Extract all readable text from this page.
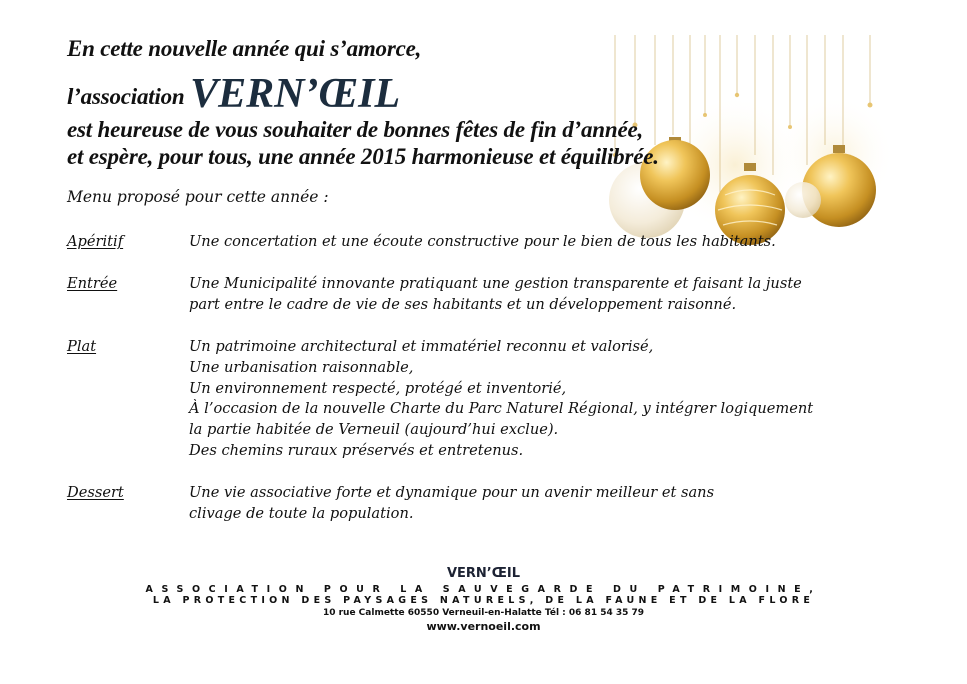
En cette nouvelle année qui s’amorce,
l’association VERN’ŒIL
est heureuse de vous souhaiter de bonnes fêtes de fin d’année,
et espère, pour tous, une année 2015 harmonieuse et équilibrée.
Menu proposé pour cette année :
Apéritif	Une concertation et une écoute constructive pour le bien de tous les habitants.
Entrée	Une Municipalité innovante pratiquant une gestion transparente et faisant la juste
part entre le cadre de vie de ses habitants et un développement raisonné.
Plat	Un patrimoine architectural et immatériel reconnu et valorisé,
Une urbanisation raisonnable,
Un environnement respecté, protégé et inventorié,
À l’occasion de la nouvelle Charte du Parc Naturel Régional, y intégrer logiquement
la partie habitée de Verneuil (aujourd’hui exclue).
Des chemins ruraux préservés et entretenus.
Dessert	Une vie associative forte et dynamique pour un avenir meilleur et sans
clivage de toute la population.
VERN’ŒIL
ASSOCIATION POUR LA SAUVEGARDE DU PATRIMOINE,
LA PROTECTION DES PAYSAGES NATURELS, DE LA FAUNE ET DE LA FLORE
10 rue Calmette 60550 Verneuil-en-Halatte Tél : 06 81 54 35 79
www.vernoeil.com
